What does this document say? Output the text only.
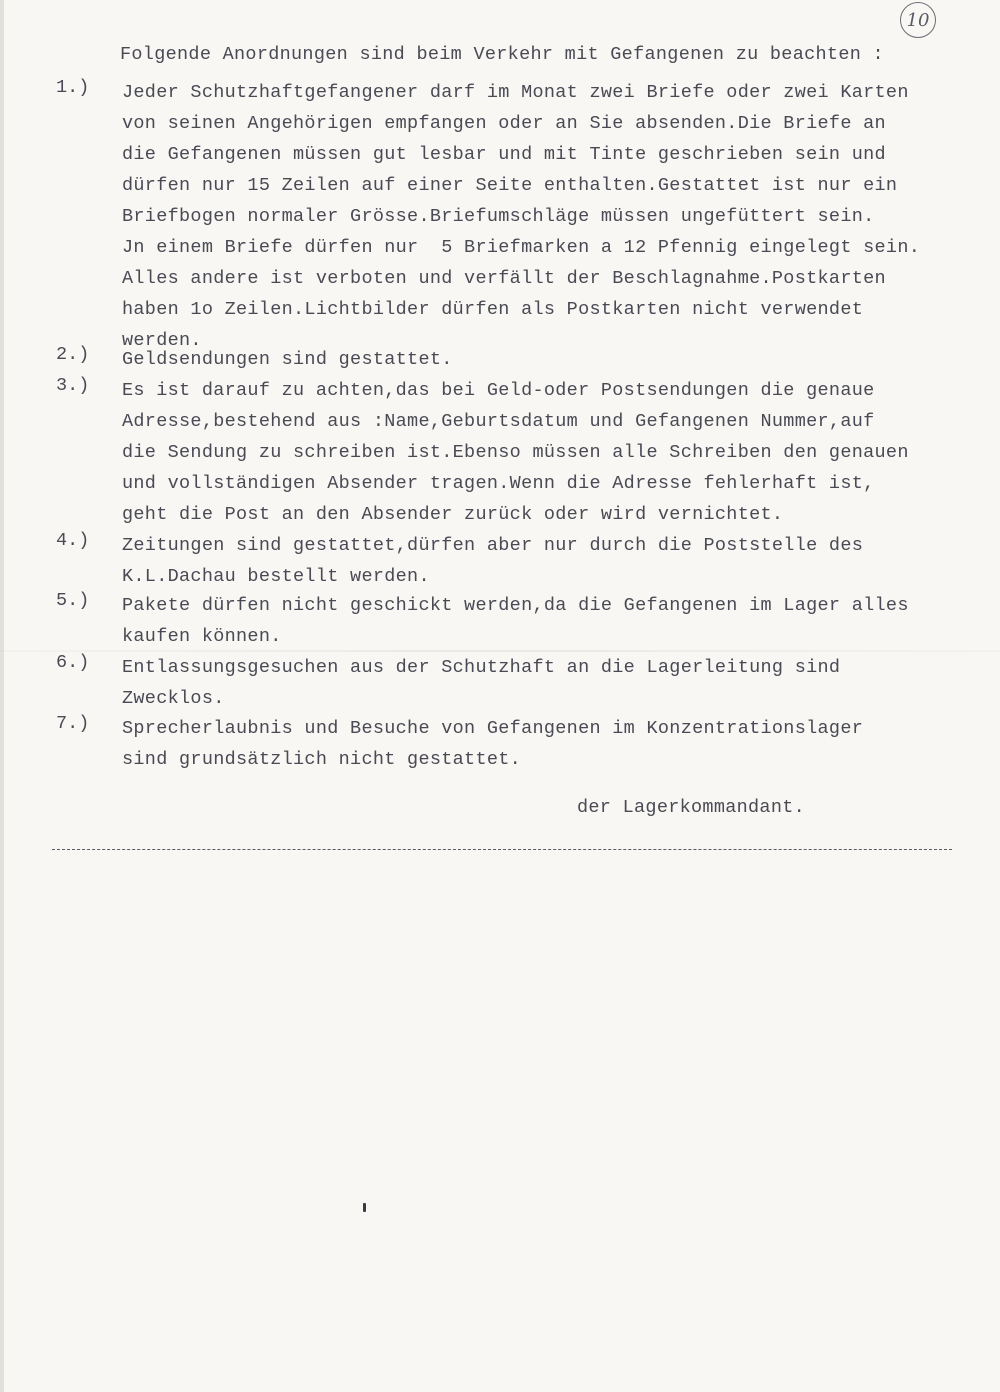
10
Folgende Anordnungen sind beim Verkehr mit Gefangenen zu beachten :
1.) Jeder Schutzhaftgefangener darf im Monat zwei Briefe oder zwei Karten
von seinen Angehörigen empfangen oder an Sie absenden.Die Briefe an
die Gefangenen müssen gut lesbar und mit Tinte geschrieben sein und
dürfen nur 15 Zeilen auf einer Seite enthalten.Gestattet ist nur ein
Briefbogen normaler Grösse.Briefumschläge müssen ungefüttert sein.
Jn einem Briefe dürfen nur  5 Briefmarken a 12 Pfennig eingelegt sein.
Alles andere ist verboten und verfällt der Beschlagnahme.Postkarten
haben 1o Zeilen.Lichtbilder dürfen als Postkarten nicht verwendet
werden.
2.) Geldsendungen sind gestattet.
3.) Es ist darauf zu achten,das bei Geld-oder Postsendungen die genaue
Adresse,bestehend aus :Name,Geburtsdatum und Gefangenen Nummer,auf
die Sendung zu schreiben ist.Ebenso müssen alle Schreiben den genauen
und vollständigen Absender tragen.Wenn die Adresse fehlerhaft ist,
geht die Post an den Absender zurück oder wird vernichtet.
4.) Zeitungen sind gestattet,dürfen aber nur durch die Poststelle des
K.L.Dachau bestellt werden.
5.) Pakete dürfen nicht geschickt werden,da die Gefangenen im Lager alles
kaufen können.
6.) Entlassungsgesuchen aus der Schutzhaft an die Lagerleitung sind
Zwecklos.
7.) Sprecherlaubnis und Besuche von Gefangenen im Konzentrationslager
sind grundsätzlich nicht gestattet.
der Lagerkommandant.
